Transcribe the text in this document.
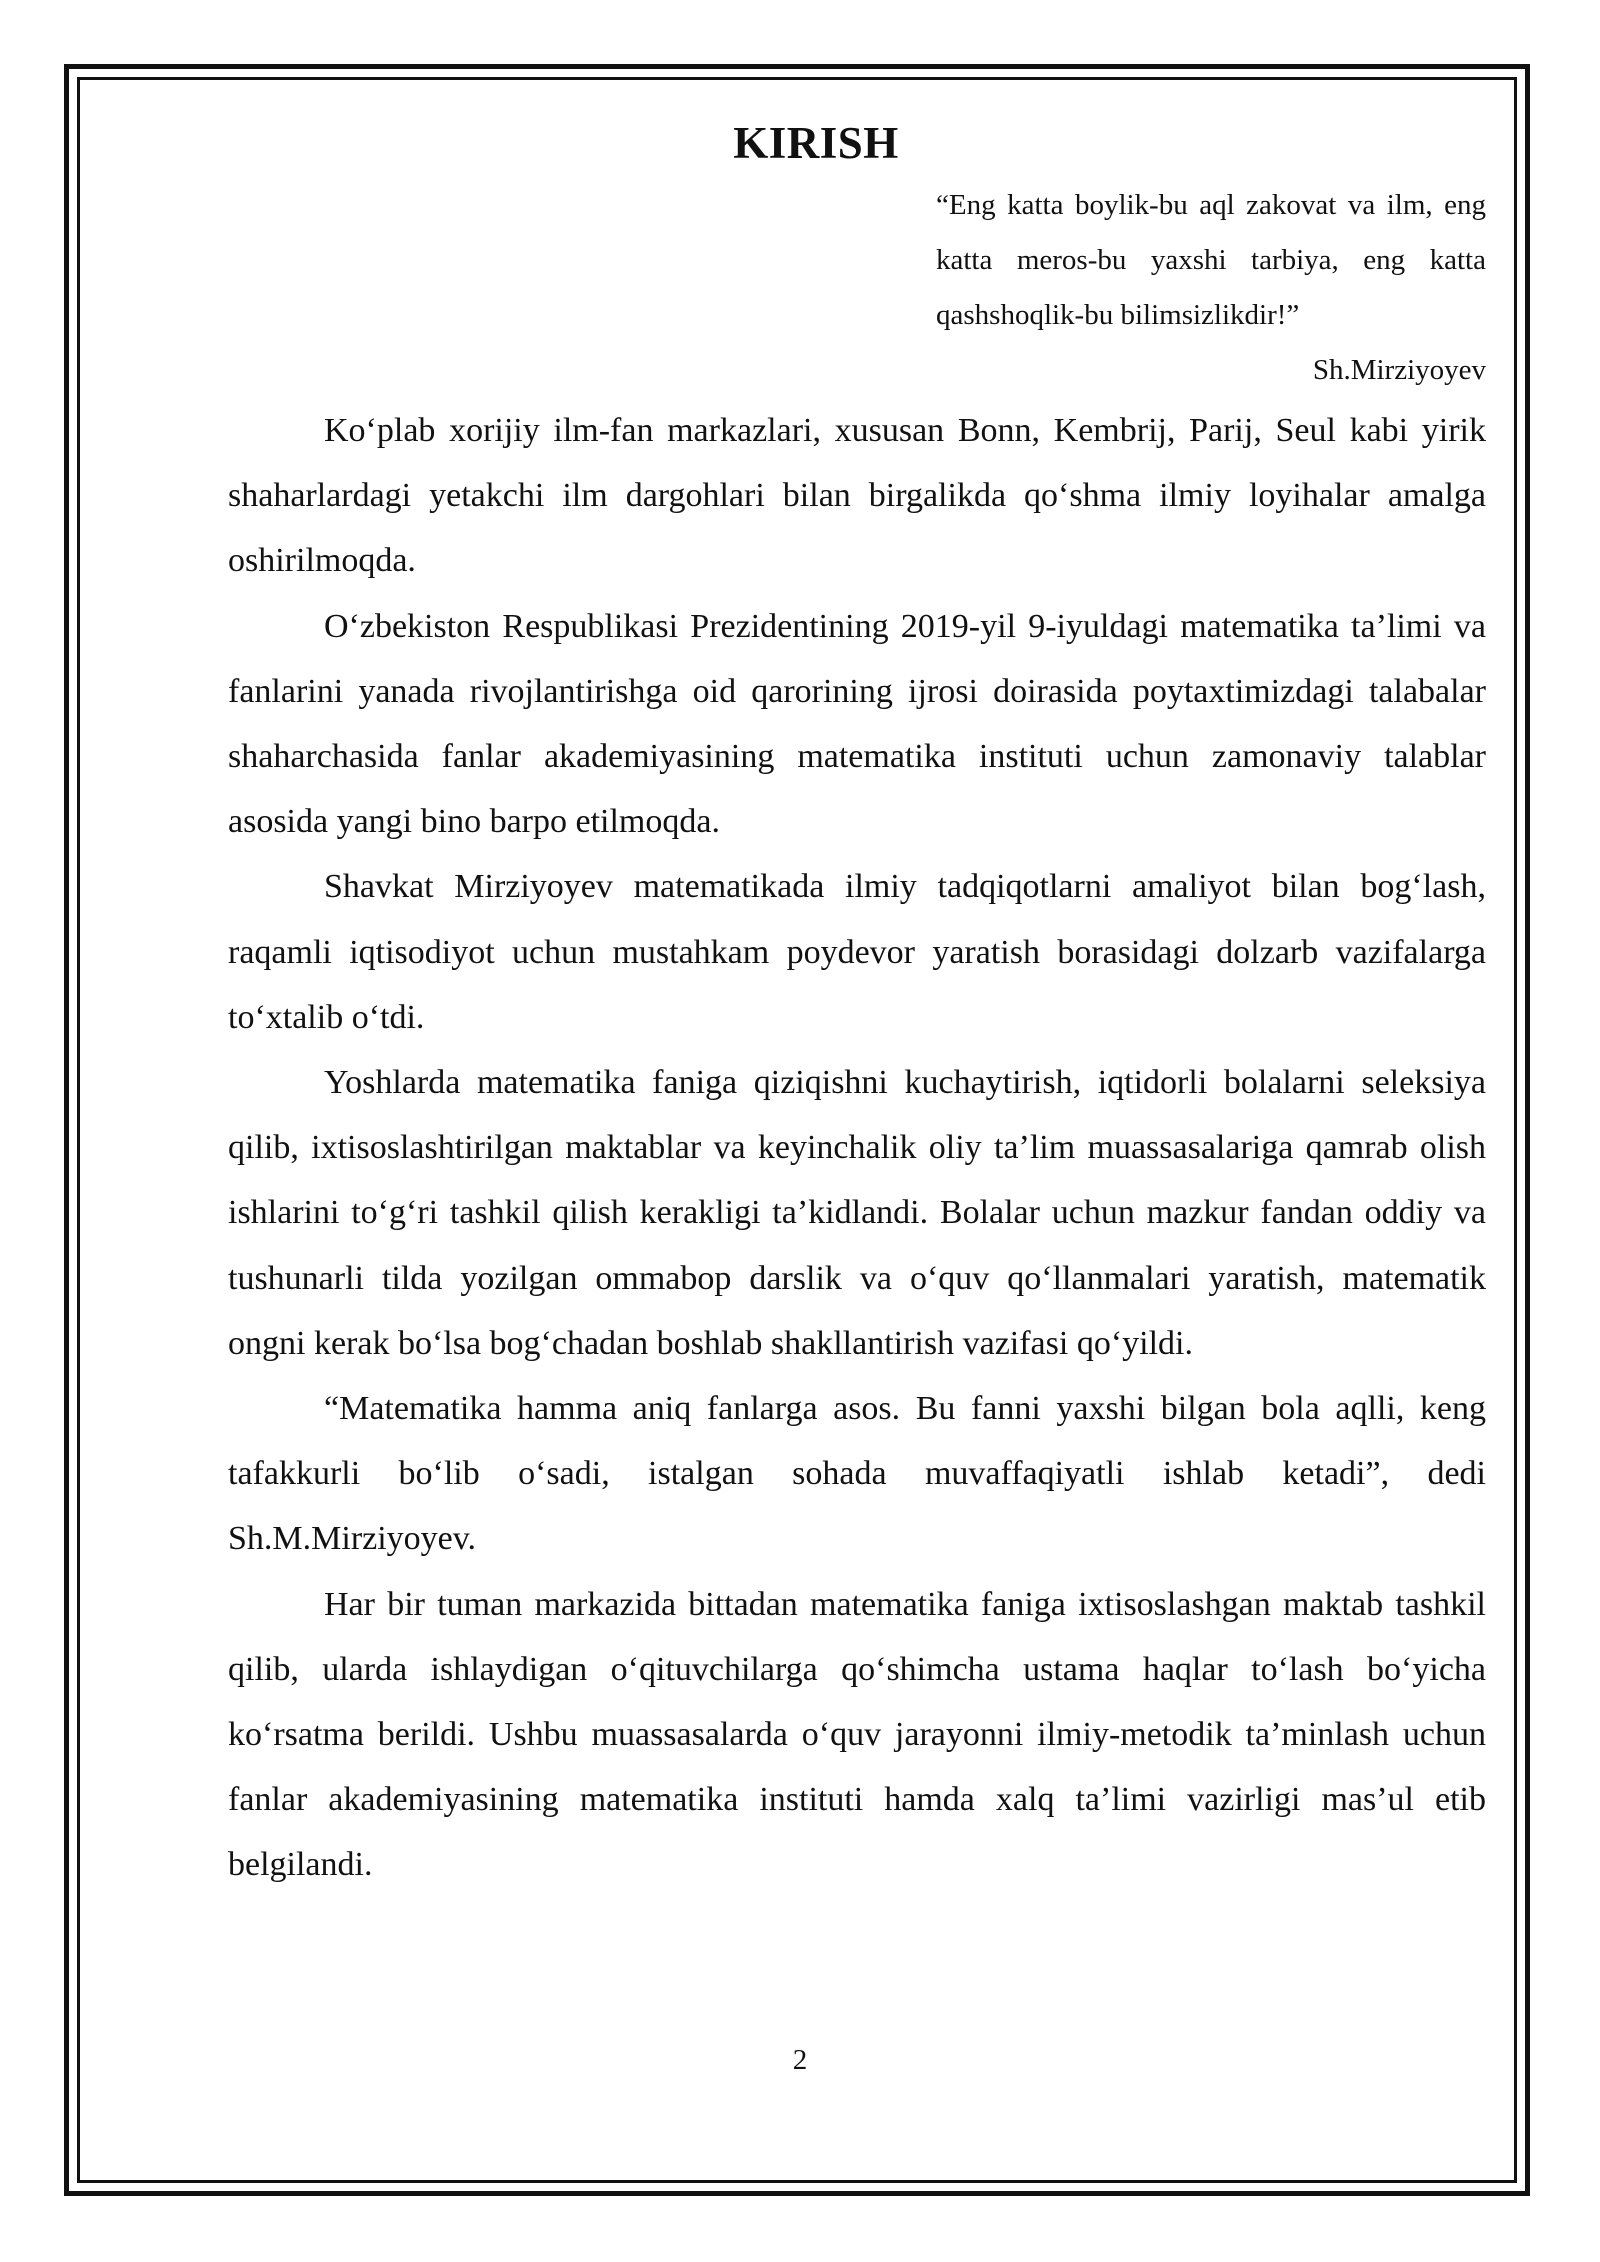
KIRISH
“Eng katta boylik-bu aql zakovat va ilm, eng katta meros-bu yaxshi tarbiya, eng katta qashshoqlik-bu bilimsizlikdir!”

Sh.Mirziyoyev

Ko‘plab xorijiy ilm-fan markazlari, xususan Bonn, Kembrij, Parij, Seul kabi yirik shaharlardagi yetakchi ilm dargohlari bilan birgalikda qo‘shma ilmiy loyihalar amalga oshirilmoqda.

O‘zbekiston Respublikasi Prezidentining 2019-yil 9-iyuldagi matematika ta’limi va fanlarini yanada rivojlantirishga oid qarorining ijrosi doirasida poytaxtimizdagi talabalar shaharchasida fanlar akademiyasining matematika instituti uchun zamonaviy talablar asosida yangi bino barpo etilmoqda.

Shavkat Mirziyoyev matematikada ilmiy tadqiqotlarni amaliyot bilan bog‘lash, raqamli iqtisodiyot uchun mustahkam poydevor yaratish borasidagi dolzarb vazifalarga to‘xtalib o‘tdi.

Yoshlarda matematika faniga qiziqishni kuchaytirish, iqtidorli bolalarni seleksiya qilib, ixtisoslashtirilgan maktablar va keyinchalik oliy ta’lim muassasalariga qamrab olish ishlarini to‘g‘ri tashkil qilish kerakligi ta’kidlandi. Bolalar uchun mazkur fandan oddiy va tushunarli tilda yozilgan ommabop darslik va o‘quv qo‘llanmalari yaratish, matematik ongni kerak bo‘lsa bog‘chadan boshlab shakllantirish vazifasi qo‘yildi.

“Matematika hamma aniq fanlarga asos. Bu fanni yaxshi bilgan bola aqlli, keng tafakkurli bo‘lib o‘sadi, istalgan sohada muvaffaqiyatli ishlab ketadi”, dedi Sh.M.Mirziyoyev.

Har bir tuman markazida bittadan matematika faniga ixtisoslashgan maktab tashkil qilib, ularda ishlaydigan o‘qituvchilarga qo‘shimcha ustama haqlar to‘lash bo‘yicha ko‘rsatma berildi. Ushbu muassasalarda o‘quv jarayonni ilmiy-metodik ta’minlash uchun fanlar akademiyasining matematika instituti hamda xalq ta’limi vazirligi mas’ul etib belgilandi.

2
